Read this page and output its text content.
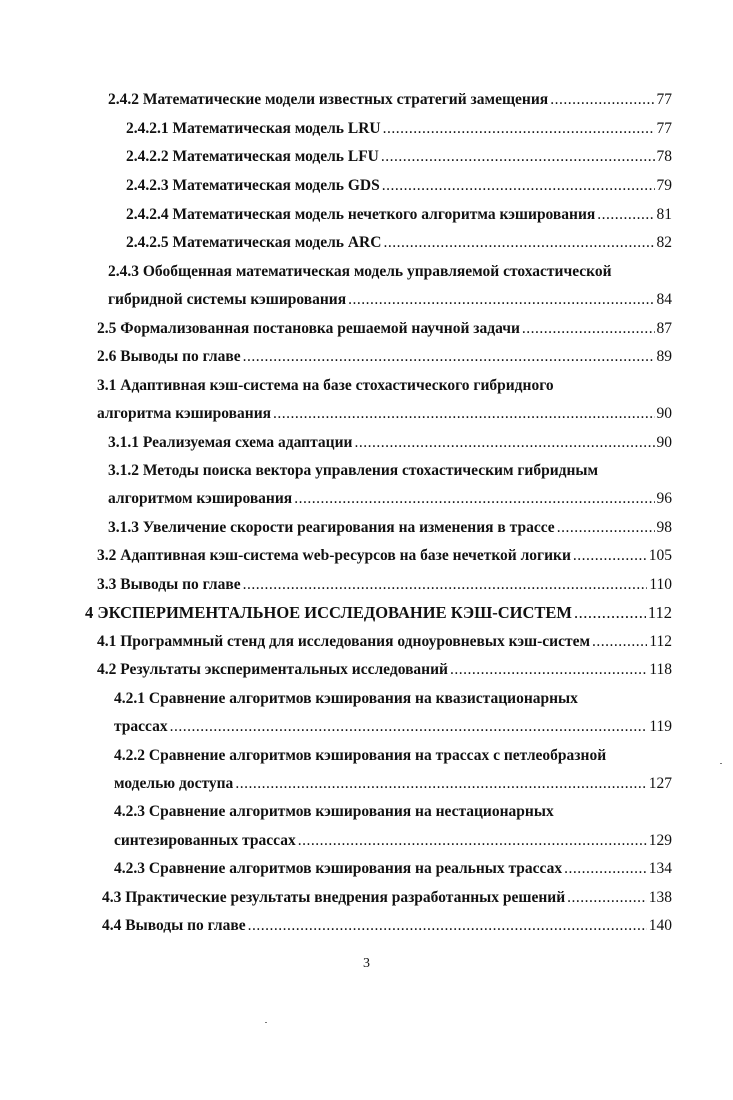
2.4.2 Математические модели известных стратегий замещения .....	77
2.4.2.1 Математическая модель LRU .....	77
2.4.2.2 Математическая модель LFU .....	78
2.4.2.3 Математическая модель GDS .....	79
2.4.2.4 Математическая модель нечеткого алгоритма кэширования .....	81
2.4.2.5 Математическая модель ARC .....	82
2.4.3 Обобщенная математическая модель управляемой стохастической
гибридной системы кэширования .....	84
2.5 Формализованная постановка решаемой научной задачи .....	87
2.6 Выводы по главе .....	89
3.1 Адаптивная кэш-система на базе стохастического гибридного
алгоритма кэширования .....	90
3.1.1 Реализуемая схема адаптации .....	90
3.1.2 Методы поиска вектора управления стохастическим гибридным
алгоритмом кэширования .....	96
3.1.3 Увеличение скорости реагирования на изменения в трассе .....	98
3.2 Адаптивная кэш-система web-ресурсов на базе нечеткой логики .....	105
3.3 Выводы по главе .....	110
4 ЭКСПЕРИМЕНТАЛЬНОЕ ИССЛЕДОВАНИЕ КЭШ-СИСТЕМ .....	112
4.1 Программный стенд для исследования одноуровневых кэш-систем .....	112
4.2 Результаты экспериментальных исследований .....	118
4.2.1 Сравнение алгоритмов кэширования на квазистационарных
трассах .....	119
4.2.2 Сравнение алгоритмов кэширования на трассах с петлеобразной
моделью доступа .....	127
4.2.3 Сравнение алгоритмов кэширования на нестационарных
синтезированных трассах .....	129
4.2.3 Сравнение алгоритмов кэширования на реальных трассах .....	134
4.3 Практические результаты внедрения разработанных решений .....	138
4.4 Выводы по главе .....	140
3
